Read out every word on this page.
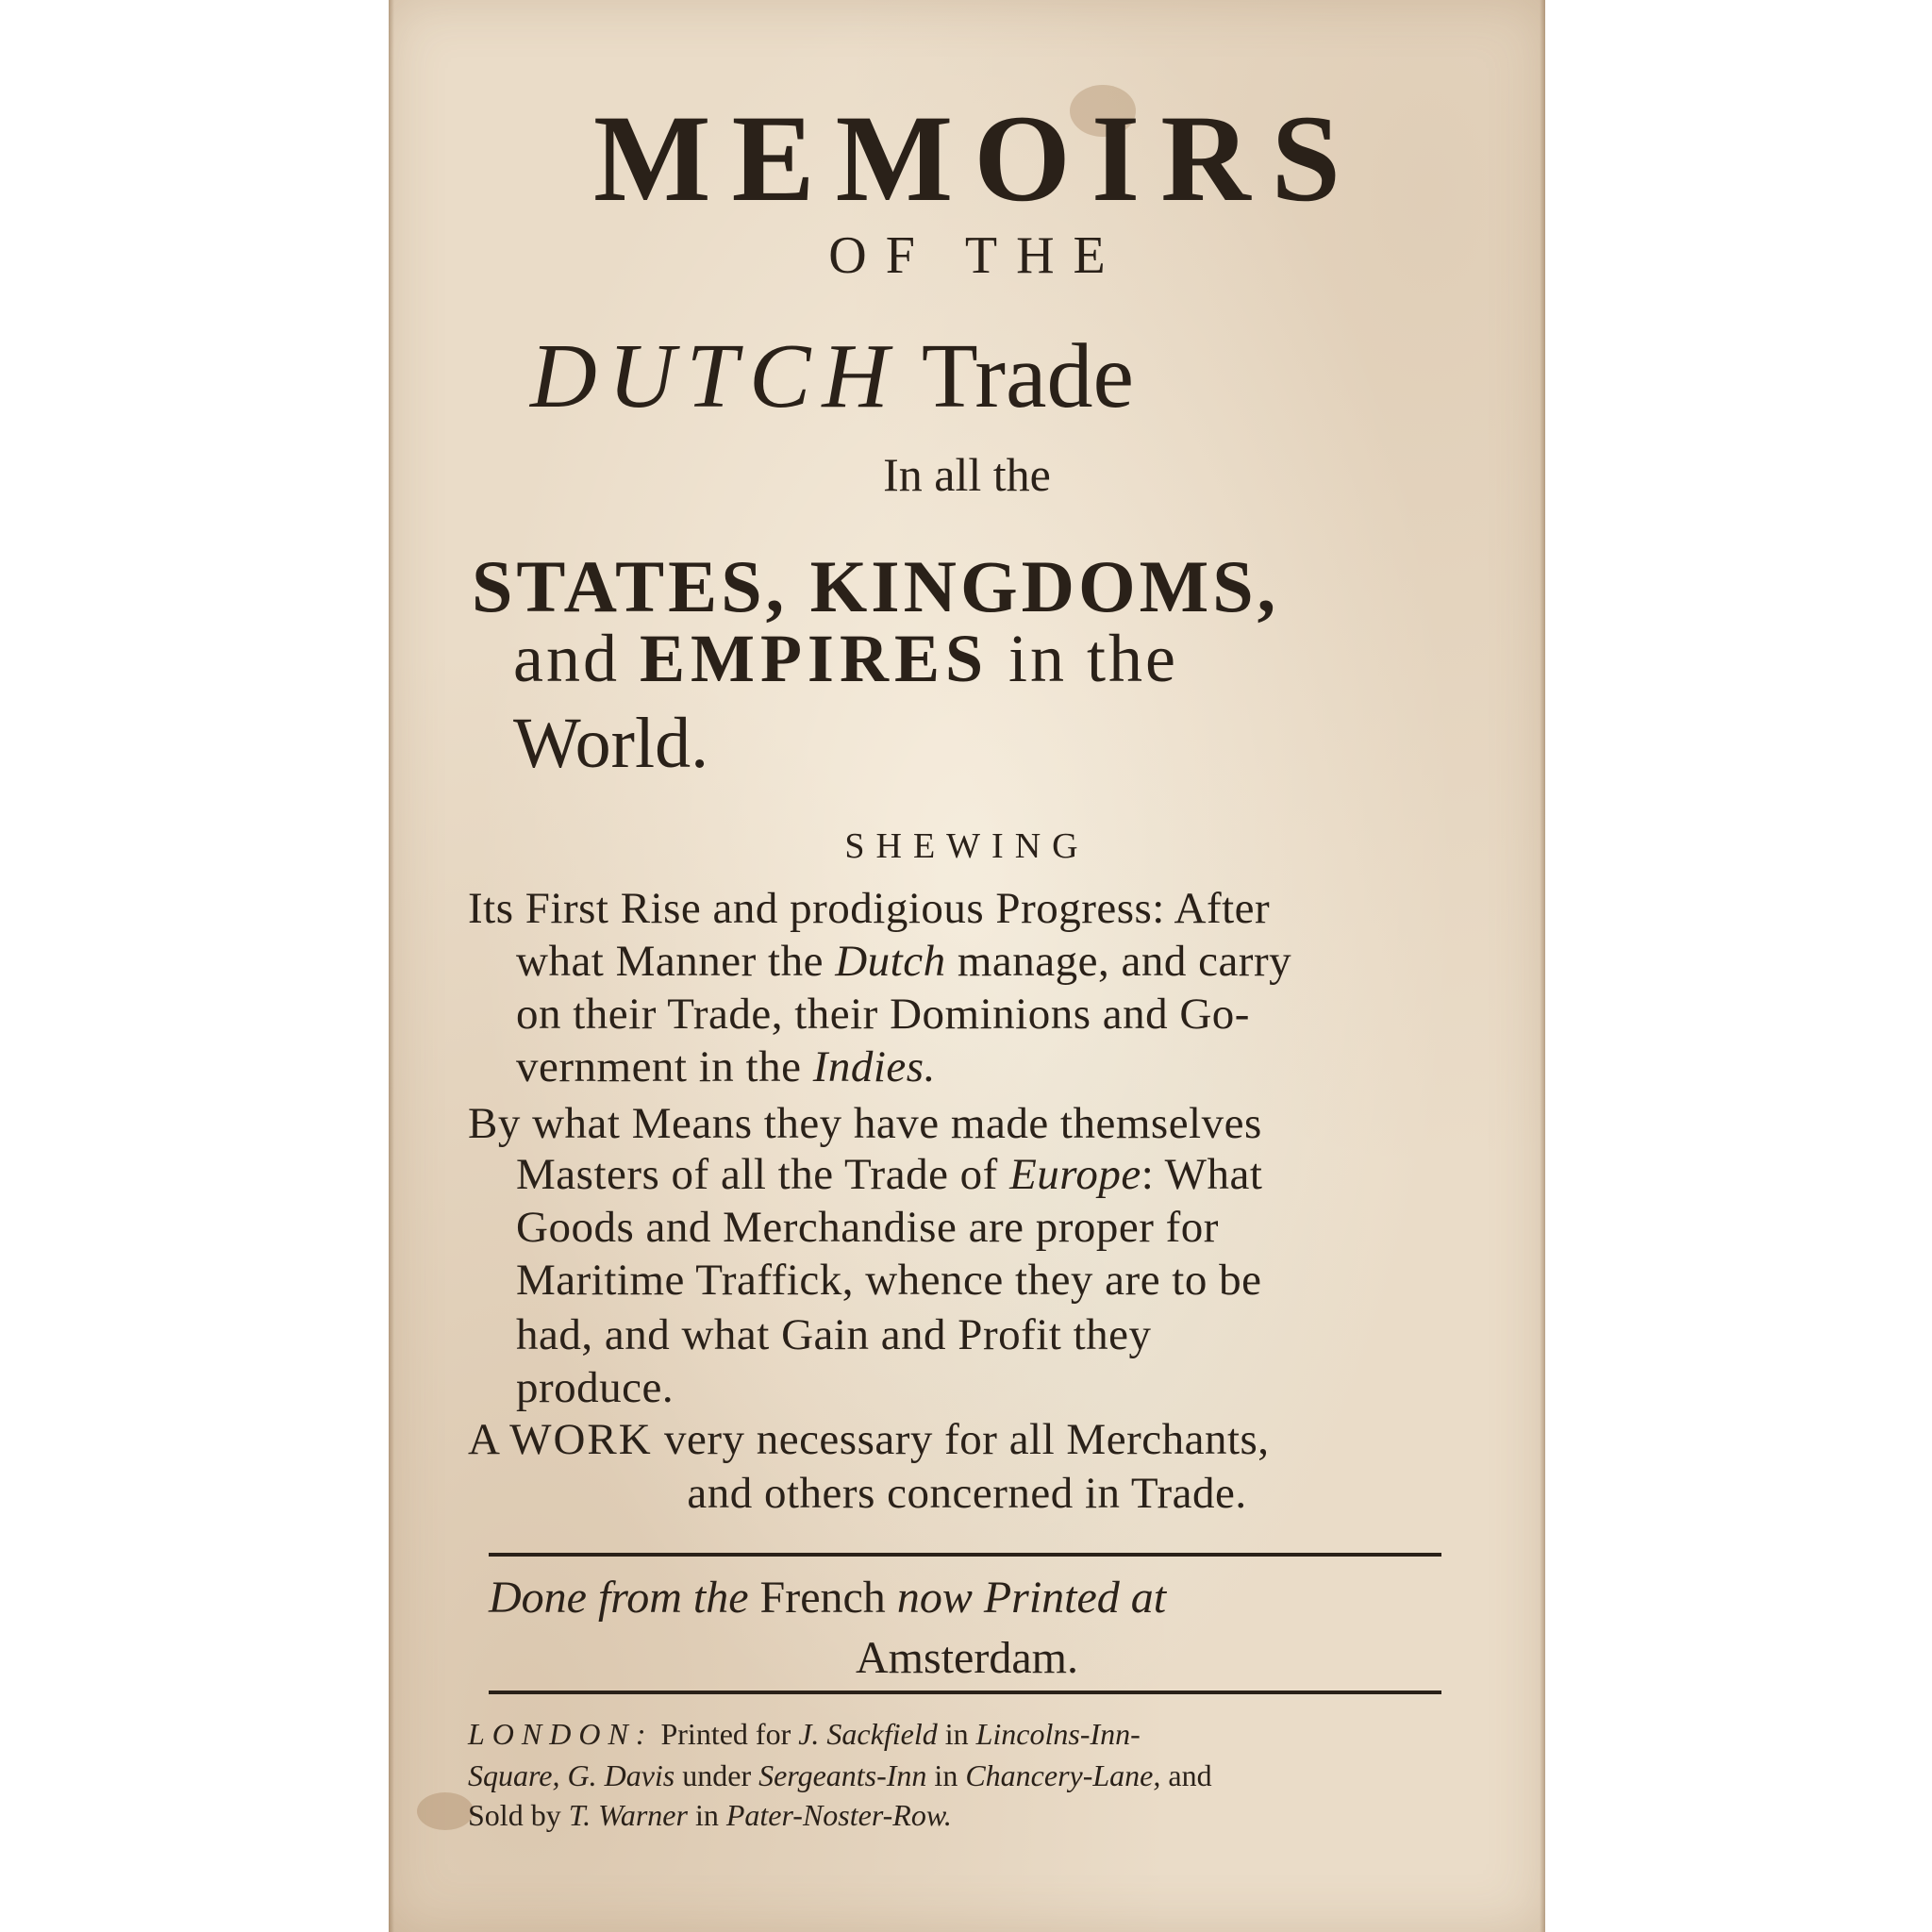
MEMOIRS
OF THE
DUTCH Trade
In all the
STATES, KINGDOMS,
and EMPIRES in the
World.
SHEWING
Its First Rise and prodigious Progress: After
what Manner the Dutch manage, and carry
on their Trade, their Dominions and Go-
vernment in the Indies.
By what Means they have made themselves
Masters of all the Trade of Europe: What
Goods and Merchandise are proper for
Maritime Traffick, whence they are to be
had, and what Gain and Profit they
produce.
A WORK very necessary for all Merchants,
and others concerned in Trade.
Done from the French now Printed at
Amsterdam.
LONDON: Printed for J. Sackfield in Lincolns-Inn-
Square, G. Davis under Sergeants-Inn in Chancery-Lane, and
Sold by T. Warner in Pater-Noster-Row.
